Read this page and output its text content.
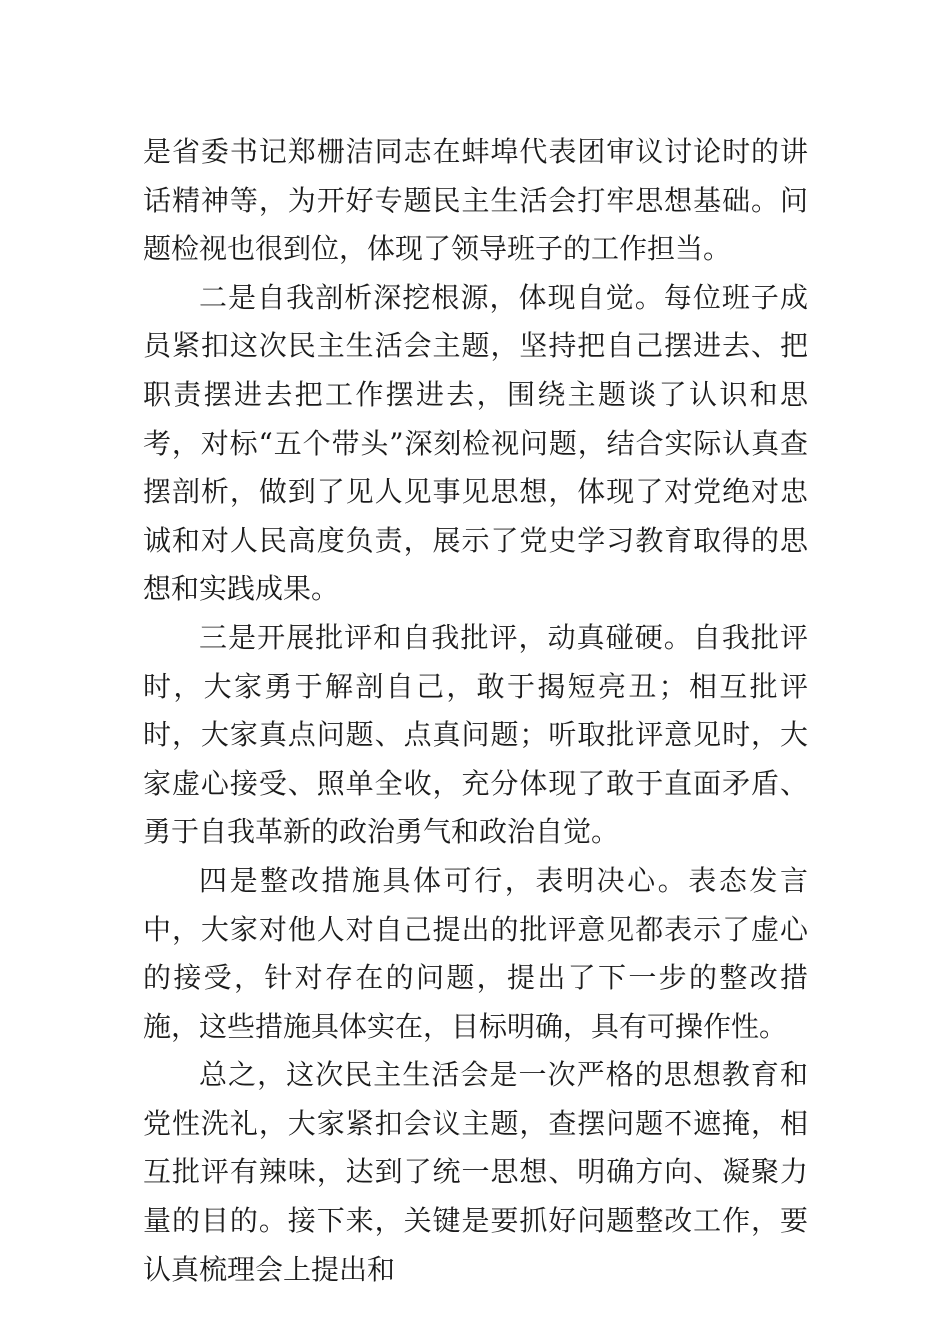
是省委书记郑栅洁同志在蚌埠代表团审议讨论时的讲话精神等，为开好专题民主生活会打牢思想基础。问题检视也很到位，体现了领导班子的工作担当。

二是自我剖析深挖根源，体现自觉。每位班子成员紧扣这次民主生活会主题，坚持把自己摆进去、把职责摆进去把工作摆进去，围绕主题谈了认识和思考，对标“五个带头”深刻检视问题，结合实际认真查摆剖析，做到了见人见事见思想，体现了对党绝对忠诚和对人民高度负责，展示了党史学习教育取得的思想和实践成果。

三是开展批评和自我批评，动真碰硬。自我批评时，大家勇于解剖自己，敢于揭短亮丑；相互批评时，大家真点问题、点真问题；听取批评意见时，大家虚心接受、照单全收，充分体现了敢于直面矛盾、勇于自我革新的政治勇气和政治自觉。

四是整改措施具体可行，表明决心。表态发言中，大家对他人对自己提出的批评意见都表示了虚心的接受，针对存在的问题，提出了下一步的整改措施，这些措施具体实在，目标明确，具有可操作性。

总之，这次民主生活会是一次严格的思想教育和党性洗礼，大家紧扣会议主题，查摆问题不遮掩，相互批评有辣味，达到了统一思想、明确方向、凝聚力量的目的。接下来，关键是要抓好问题整改工作，要认真梳理会上提出和
